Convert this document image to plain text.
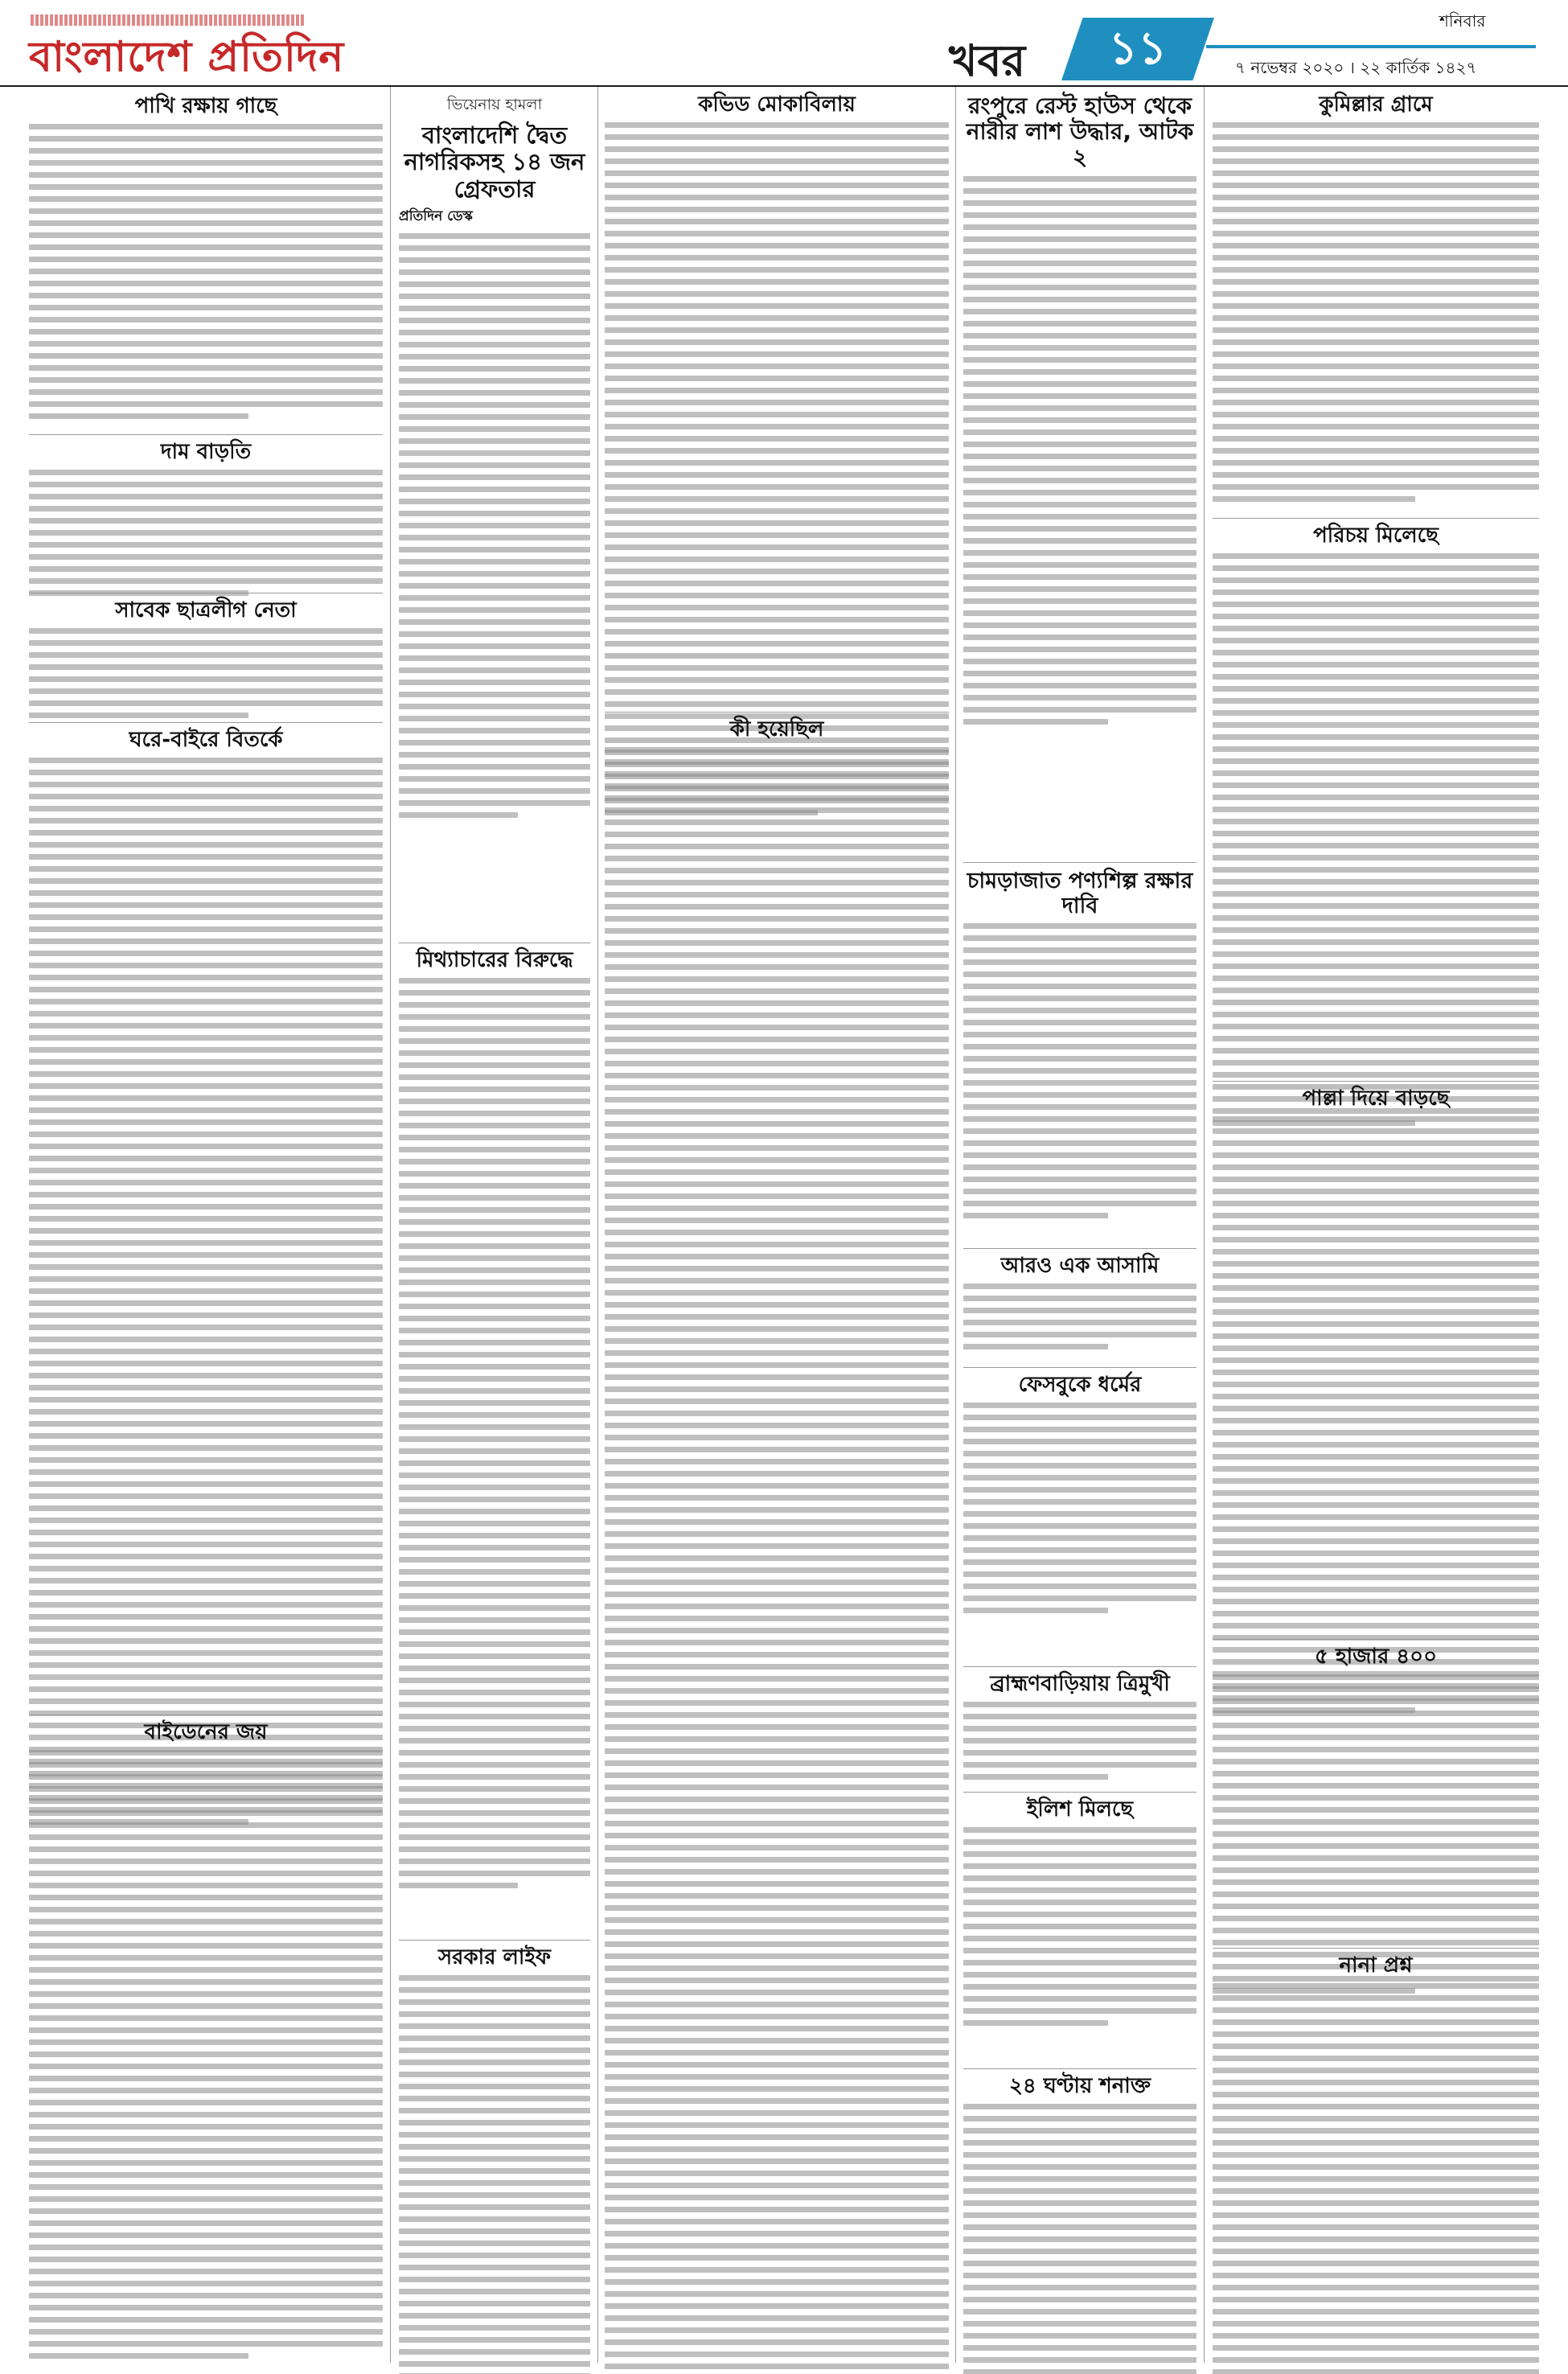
বাংলাদেশ প্রতিদিন	খবর	১১
শনিবার
৭ নভেম্বর ২০২০ । ২২ কার্তিক ১৪২৭
পাখি রক্ষায় গাছে
দাম বাড়তি
সাবেক ছাত্রলীগ নেতা
ঘরে-বাইরে বিতর্কে
বাইডেনের জয়
ভিয়েনায় হামলা
বাংলাদেশি দ্বৈত নাগরিকসহ ১৪ জন গ্রেফতার
প্রতিদিন ডেস্ক
মিথ্যাচারের বিরুদ্ধে
সরকার লাইফ
কভিড মোকাবিলায়
কী হয়েছিল
রংপুরে রেস্ট হাউস থেকে নারীর লাশ উদ্ধার, আটক ২
চামড়াজাত পণ্যশিল্প রক্ষার দাবি
আরও এক আসামি
ফেসবুকে ধর্মের
ব্রাহ্মণবাড়িয়ায় ত্রিমুখী
ইলিশ মিলছে
২৪ ঘণ্টায় শনাক্ত
কুমিল্লার গ্রামে
পরিচয় মিলেছে
পাল্লা দিয়ে বাড়ছে
৫ হাজার ৪০০
নানা প্রশ্ন
